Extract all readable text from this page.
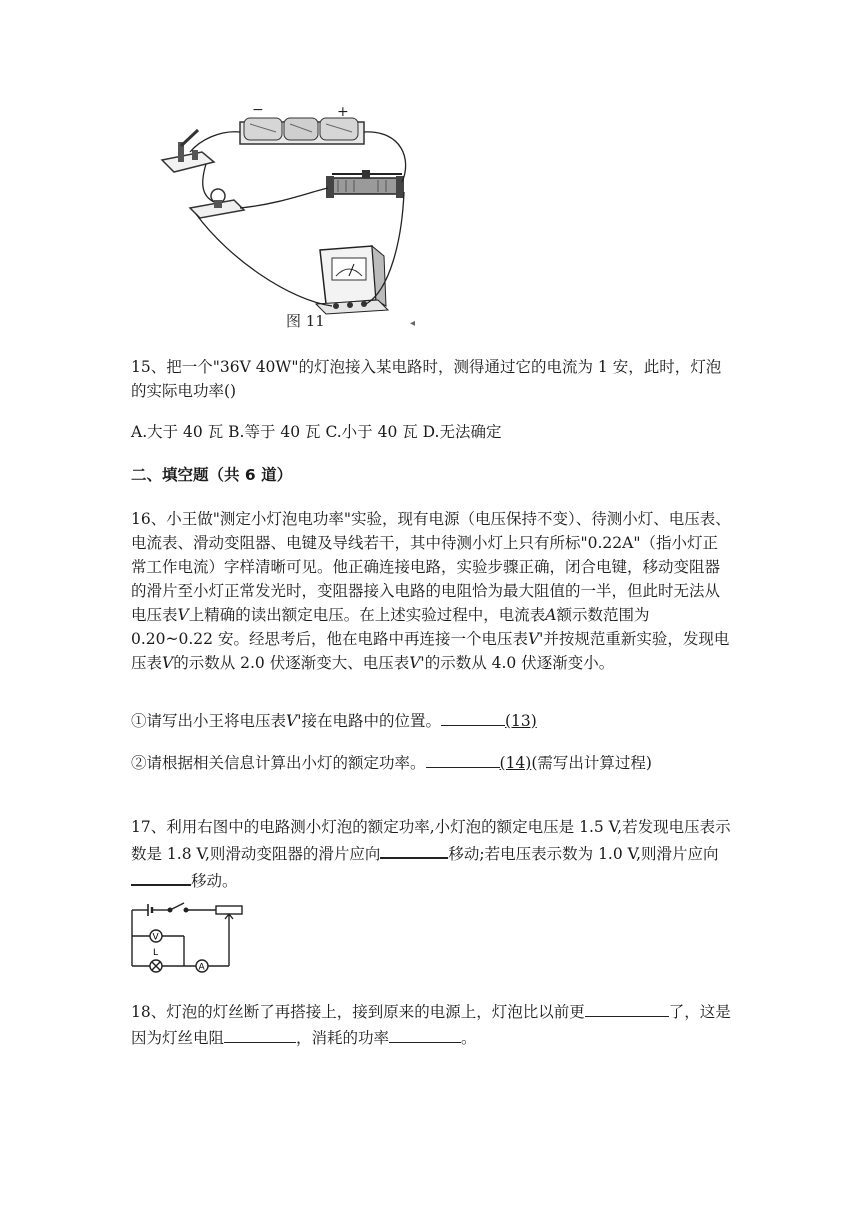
−	+
图 11	◂
15、把一个"36V 40W"的灯泡接入某电路时，测得通过它的电流为 1 安，此时，灯泡的实际电功率()
A.大于 40 瓦 B.等于 40 瓦 C.小于 40 瓦 D.无法确定
二、填空题（共 6 道）
16、小王做"测定小灯泡电功率"实验，现有电源（电压保持不变）、待测小灯、电压表、电流表、滑动变阻器、电键及导线若干，其中待测小灯上只有所标"0.22A"（指小灯正常工作电流）字样清晰可见。他正确连接电路，实验步骤正确，闭合电键，移动变阻器的滑片至小灯正常发光时，变阻器接入电路的电阻恰为最大阻值的一半，但此时无法从电压表V上精确的读出额定电压。在上述实验过程中，电流表A额示数范围为 0.20~0.22 安。经思考后，他在电路中再连接一个电压表V'并按规范重新实验，发现电压表V的示数从 2.0 伏逐渐变大、电压表V'的示数从 4.0 伏逐渐变小。
①请写出小王将电压表V'接在电路中的位置。	(13)
②请根据相关信息计算出小灯的额定功率。	(14)(需写出计算过程)
17、利用右图中的电路测小灯泡的额定功率,小灯泡的额定电压是 1.5 V,若发现电压表示数是 1.8 V,则滑动变阻器的滑片应向	移动;若电压表示数为 1.0 V,则滑片应向移动。
V
A
L
18、灯泡的灯丝断了再搭接上，接到原来的电源上，灯泡比以前更	了，这是因为灯丝电阻	，消耗的功率	。
